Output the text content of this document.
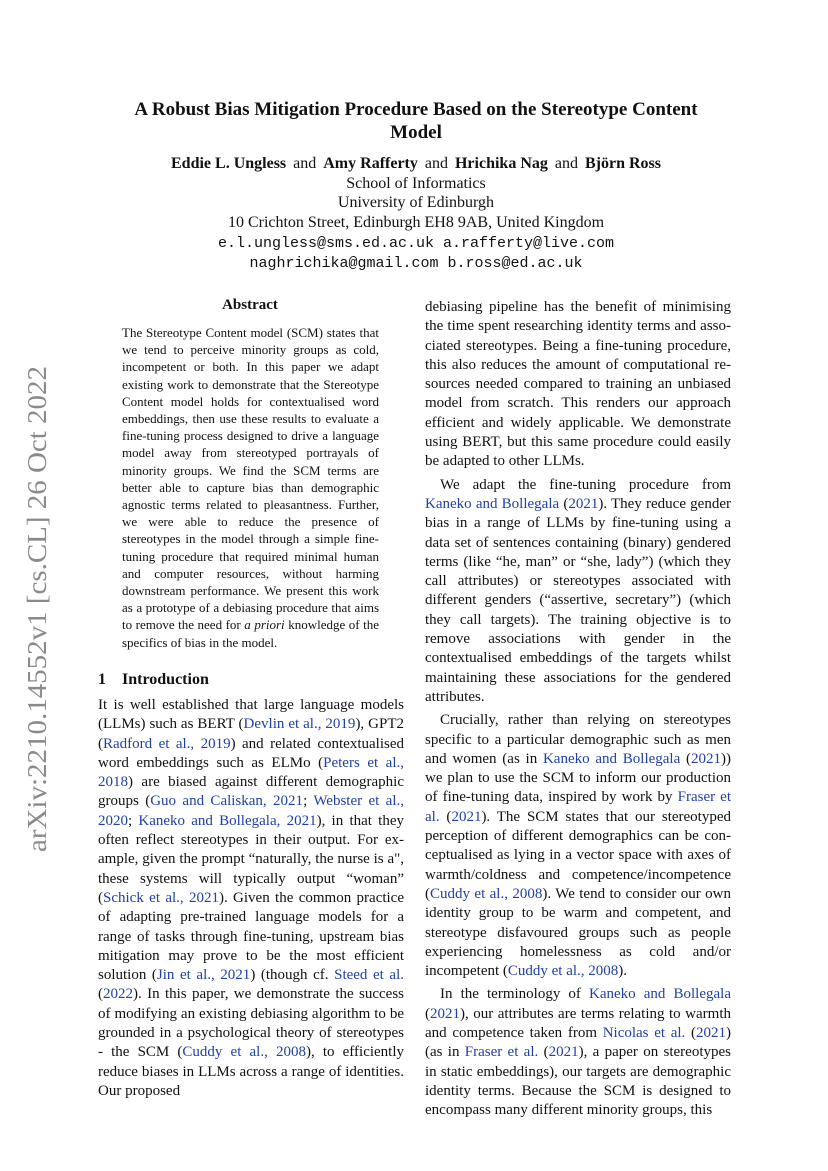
arXiv:2210.14552v1 [cs.CL] 26 Oct 2022
A Robust Bias Mitigation Procedure Based on the Stereotype Content
Model
Eddie L. Ungless and Amy Rafferty and Hrichika Nag and Björn Ross
School of Informatics
University of Edinburgh
10 Crichton Street, Edinburgh EH8 9AB, United Kingdom
e.l.ungless@sms.ed.ac.uk a.rafferty@live.com
naghrichika@gmail.com b.ross@ed.ac.uk
Abstract
The Stereotype Content model (SCM) states that we tend to perceive minority groups as cold, incompetent or both. In this paper we adapt existing work to demonstrate that the Stereotype Content model holds for contextualised word embeddings, then use these results to evaluate a fine-tuning process designed to drive a language model away from stereotyped portrayals of minority groups. We find the SCM terms are better able to capture bias than demographic agnostic terms related to pleasantness. Further, we were able to reduce the presence of stereotypes in the model through a simple fine-tuning procedure that required minimal human and computer resources, without harming downstream performance. We present this work as a prototype of a debiasing procedure that aims to remove the need for a priori knowledge of the specifics of bias in the model.
1 Introduction

It is well established that large language models (LLMs) such as BERT (Devlin et al., 2019), GPT2 (Radford et al., 2019) and related contextualised word embeddings such as ELMo (Peters et al., 2018) are biased against different demographic groups (Guo and Caliskan, 2021; Webster et al., 2020; Kaneko and Bollegala, 2021), in that they often reflect stereotypes in their output. For example, given the prompt “naturally, the nurse is a", these systems will typically output “woman” (Schick et al., 2021). Given the common practice of adapting pre-trained language models for a range of tasks through fine-tuning, upstream bias mitigation may prove to be the most efficient solution (Jin et al., 2021) (though cf. Steed et al. (2022). In this paper, we demonstrate the success of modifying an existing debiasing algorithm to be grounded in a psychological theory of stereotypes - the SCM (Cuddy et al., 2008), to efficiently reduce biases in LLMs across a range of identities. Our proposed

debiasing pipeline has the benefit of minimising the time spent researching identity terms and associated stereotypes. Being a fine-tuning procedure, this also reduces the amount of computational resources needed compared to training an unbiased model from scratch. This renders our approach efficient and widely applicable. We demonstrate using BERT, but this same procedure could easily be adapted to other LLMs.

We adapt the fine-tuning procedure from Kaneko and Bollegala (2021). They reduce gender bias in a range of LLMs by fine-tuning using a data set of sentences containing (binary) gendered terms (like “he, man” or “she, lady”) (which they call attributes) or stereotypes associated with different genders (“assertive, secretary”) (which they call targets). The training objective is to remove associations with gender in the contextualised embeddings of the targets whilst maintaining these associations for the gendered attributes.

Crucially, rather than relying on stereotypes specific to a particular demographic such as men and women (as in Kaneko and Bollegala (2021)) we plan to use the SCM to inform our production of fine-tuning data, inspired by work by Fraser et al. (2021). The SCM states that our stereotyped perception of different demographics can be conceptualised as lying in a vector space with axes of warmth/coldness and competence/incompetence (Cuddy et al., 2008). We tend to consider our own identity group to be warm and competent, and stereotype disfavoured groups such as people experiencing homelessness as cold and/or incompetent (Cuddy et al., 2008).

In the terminology of Kaneko and Bollegala (2021), our attributes are terms relating to warmth and competence taken from Nicolas et al. (2021) (as in Fraser et al. (2021), a paper on stereotypes in static embeddings), our targets are demographic identity terms. Because the SCM is designed to encompass many different minority groups, this
